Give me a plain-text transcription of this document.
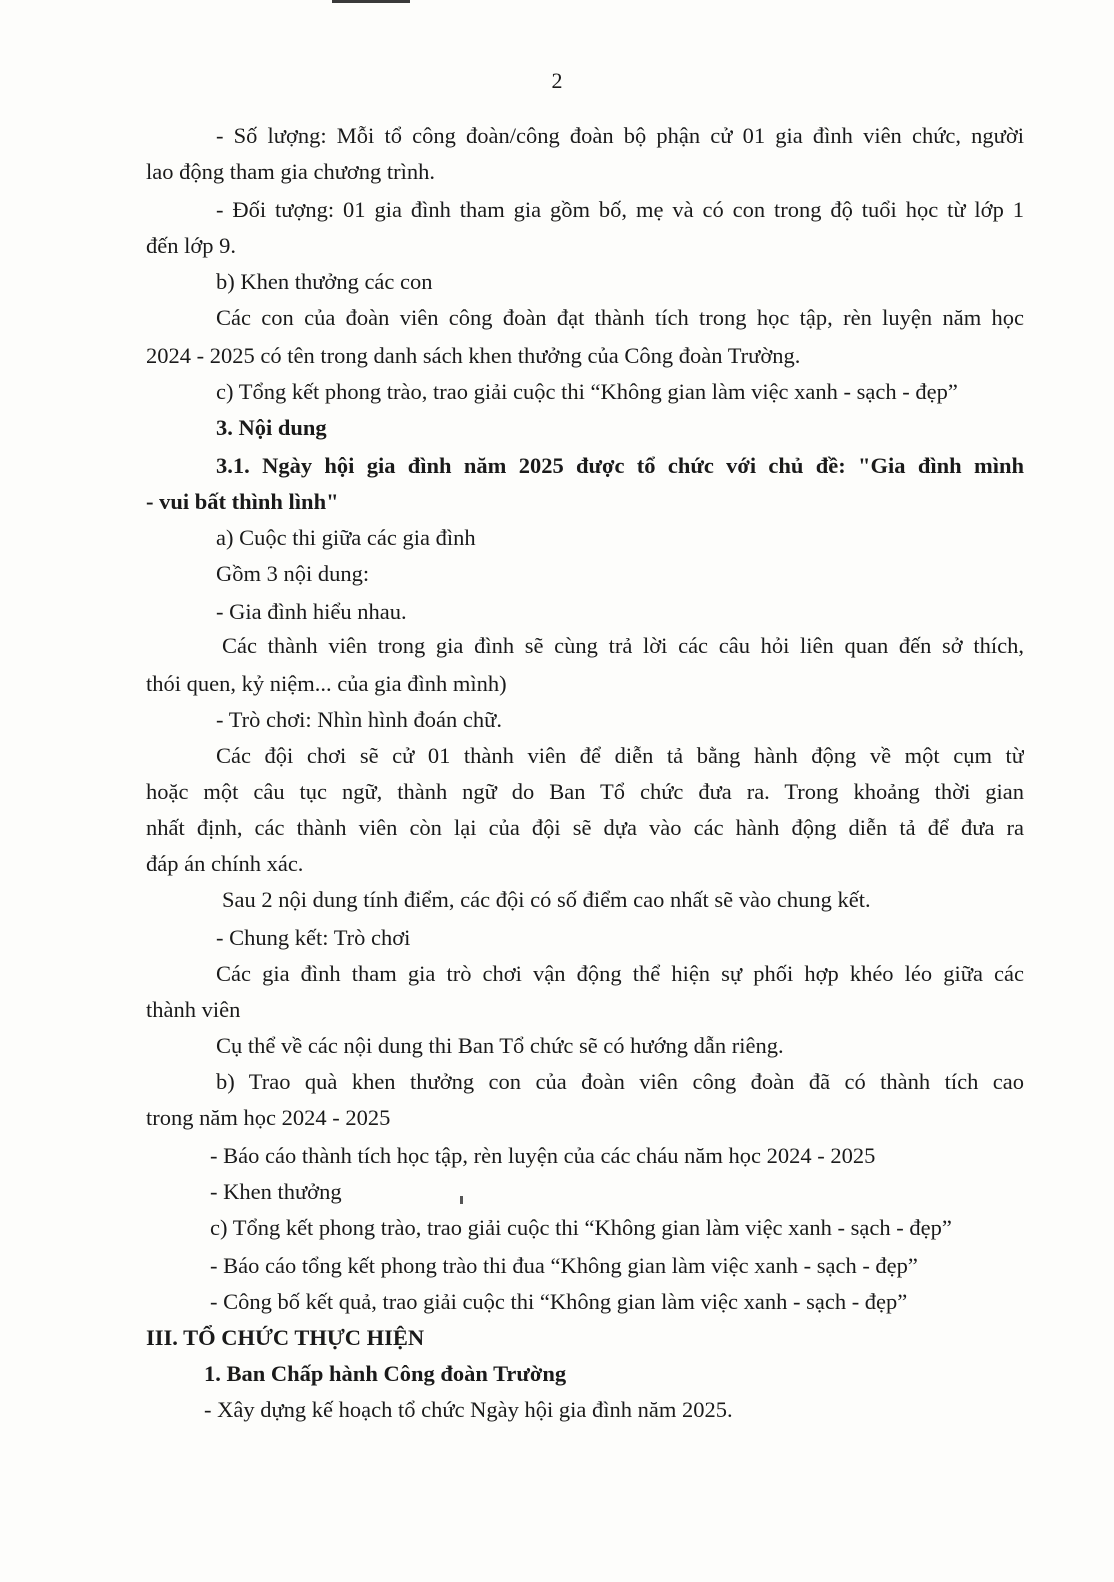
2
- Số lượng: Mỗi tổ công đoàn/công đoàn bộ phận cử 01 gia đình viên chức, người
lao động tham gia chương trình.
- Đối tượng: 01 gia đình tham gia gồm bố, mẹ và có con trong độ tuổi học từ lớp 1
đến lớp 9.
b) Khen thưởng các con
Các con của đoàn viên công đoàn đạt thành tích trong học tập, rèn luyện năm học
2024 - 2025 có tên trong danh sách khen thưởng của Công đoàn Trường.
c) Tổng kết phong trào, trao giải cuộc thi “Không gian làm việc xanh - sạch - đẹp”
3. Nội dung
3.1. Ngày hội gia đình năm 2025 được tổ chức với chủ đề: "Gia đình mình
- vui bất thình lình"
a) Cuộc thi giữa các gia đình
Gồm 3 nội dung:
- Gia đình hiểu nhau.
Các thành viên trong gia đình sẽ cùng trả lời các câu hỏi liên quan đến sở thích,
thói quen, kỷ niệm... của gia đình mình)
- Trò chơi: Nhìn hình đoán chữ.
Các đội chơi sẽ cử 01 thành viên để diễn tả bằng hành động về một cụm từ
hoặc một câu tục ngữ, thành ngữ do Ban Tổ chức đưa ra. Trong khoảng thời gian
nhất định, các thành viên còn lại của đội sẽ dựa vào các hành động diễn tả để đưa ra
đáp án chính xác.
Sau 2 nội dung tính điểm, các đội có số điểm cao nhất sẽ vào chung kết.
- Chung kết: Trò chơi
Các gia đình tham gia trò chơi vận động thể hiện sự phối hợp khéo léo giữa các
thành viên
Cụ thể về các nội dung thi Ban Tổ chức sẽ có hướng dẫn riêng.
b) Trao quà khen thưởng con của đoàn viên công đoàn đã có thành tích cao
trong năm học 2024 - 2025
- Báo cáo thành tích học tập, rèn luyện của các cháu năm học 2024 - 2025
- Khen thưởng
c) Tổng kết phong trào, trao giải cuộc thi “Không gian làm việc xanh - sạch - đẹp”
- Báo cáo tổng kết phong trào thi đua “Không gian làm việc xanh - sạch - đẹp”
- Công bố kết quả, trao giải cuộc thi “Không gian làm việc xanh - sạch - đẹp”
III. TỔ CHỨC THỰC HIỆN
1. Ban Chấp hành Công đoàn Trường
- Xây dựng kế hoạch tổ chức Ngày hội gia đình năm 2025.
